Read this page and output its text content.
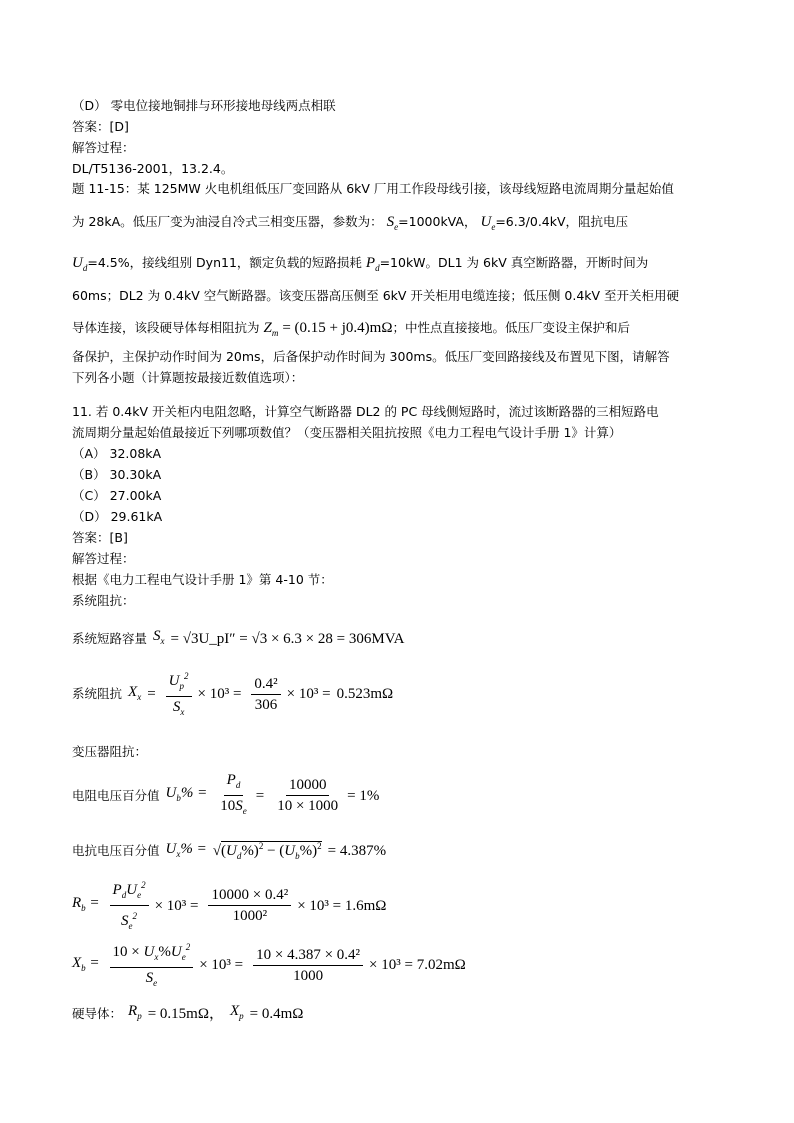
（D） 零电位接地铜排与环形接地母线两点相联
答案：[D]
解答过程：
DL/T5136-2001，13.2.4。
题 11-15：某 125MW 火电机组低压厂变回路从 6kV 厂用工作段母线引接，该母线短路电流周期分量起始值
为 28kA。低压厂变为油浸自冷式三相变压器，参数为： $S_e=1000kVA$， $U_e=6.3/0.4kV$，阻抗电压
$U_d=4.5\%$，接线组别 Dyn11，额定负载的短路损耗 $P_d=10kW$。DL1 为 6kV 真空断路器，开断时间为
60ms；DL2 为 0.4kV 空气断路器。该变压器高压侧至 6kV 开关柜用电缆连接；低压侧 0.4kV 至开关柜用硬
导体连接，该段硬导体每相阻抗为 $Z_m = (0.15 + j0.4)m\Omega$；中性点直接接地。低压厂变设主保护和后
备保护，主保护动作时间为 20ms，后备保护动作时间为 300ms。低压厂变回路接线及布置见下图，请解答
下列各小题（计算题按最接近数值选项）：
11. 若 0.4kV 开关柜内电阻忽略，计算空气断路器 DL2 的 PC 母线侧短路时，流过该断路器的三相短路电
流周期分量起始值最接近下列哪项数值？（变压器相关阻抗按照《电力工程电气设计手册 1》计算）
（A） 32.08kA
（B） 30.30kA
（C） 27.00kA
（D） 29.61kA
答案：[B]
解答过程：
根据《电力工程电气设计手册 1》第 4-10 节：
系统阻抗：
系统短路容量 $S_x$ = √3U_pI″ = √3 × 6.3 × 28 = 306MVA
系统阻抗 $X_x = \frac{U_p^2}{S_x} \times 10^3 = \frac{\text{0.4²}}{306} \times 10^3 = 0.523m\Omega$
变压器阻抗：
电阻电压百分值 $U_b\% = \frac{P_d}{10S_e} = \frac{10000}{10 \times 1000} = 1\%$
电抗电压百分值 $U_x\% = √(U_d\%)^2 - (U_b\%)^2 = 4.387\%$
$R_b = \frac{P_dU_e^2}{S_e^2} \times 10^3 = \frac{\text{10000 × 0.4²}}{\text{1000²}} \times 10^3 = 1.6m\Omega$
$X_b = \frac{10 \times U_x\%U_e^2}{S_e} \times 10^3 = \frac{\text{10 × 4.387 × 0.4²}}{1000} \times 10^3 = 7.02m\Omega$
硬导体： $R_p = 0.15m\Omega$， $X_p = 0.4m\Omega$
